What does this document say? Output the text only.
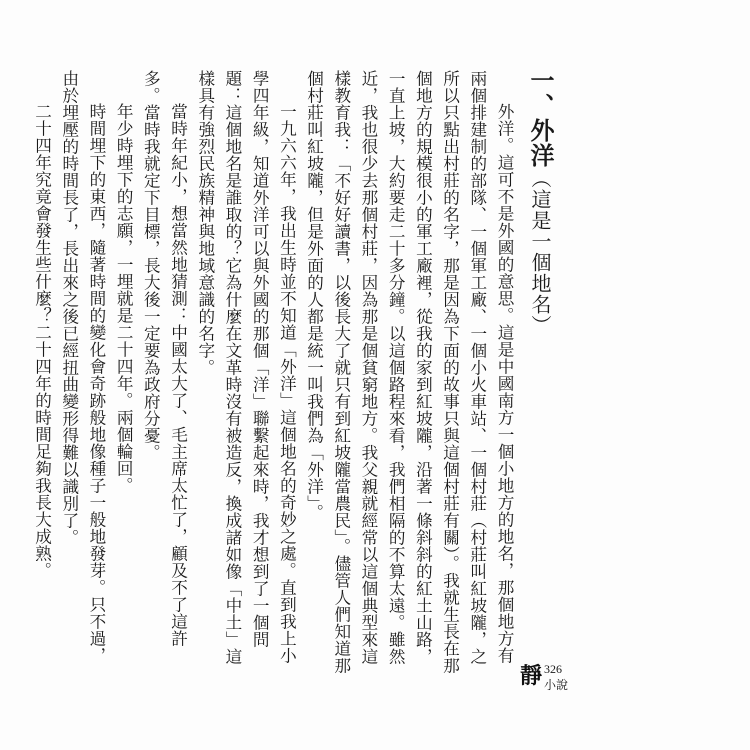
一、外洋（這是一個地名）

外洋。這可不是外國的意思。這是中國南方一個小地方的地名，那個地方有兩個排建制的部隊、一個軍工廠、一個小火車站、一個村莊（村莊叫紅坡隴，之所以只點出村莊的名字，那是因為下面的故事只與這個村莊有關）。我就生長在那個地方的規模很小的軍工廠裡，從我的家到紅坡隴，沿著一條斜斜的紅土山路，一直上坡，大約要走二十多分鐘。以這個路程來看，我們相隔的不算太遠。雖然近，我也很少去那個村莊，因為那是個貧窮地方。我父親就經常以這個典型來這樣教育我：「不好好讀書，以後長大了就只有到紅坡隴當農民」。儘管人們知道那個村莊叫紅坡隴，但是外面的人都是統一叫我們為「外洋」。

一九六六年，我出生時並不知道「外洋」這個地名的奇妙之處。直到我上小學四年級，知道外洋可以與外國的那個「洋」聯繫起來時，我才想到了一個問題：這個地名是誰取的？它為什麼在文革時沒有被造反，換成諸如像「中土」這樣具有強烈民族精神與地域意識的名字。

當時年紀小，想當然地猜測：中國太大了、毛主席太忙了，顧及不了這許多。當時我就定下目標，長大後一定要為政府分憂。

年少時埋下的志願，一埋就是二十四年。兩個輪回。

時間埋下的東西，隨著時間的變化會奇跡般地像種子一般地發芽。只不過，由於埋壓的時間長了，長出來之後已經扭曲變形得難以識別了。

二十四年究竟會發生些什麼？二十四年的時間足夠我長大成熟。

靜 326
小說
